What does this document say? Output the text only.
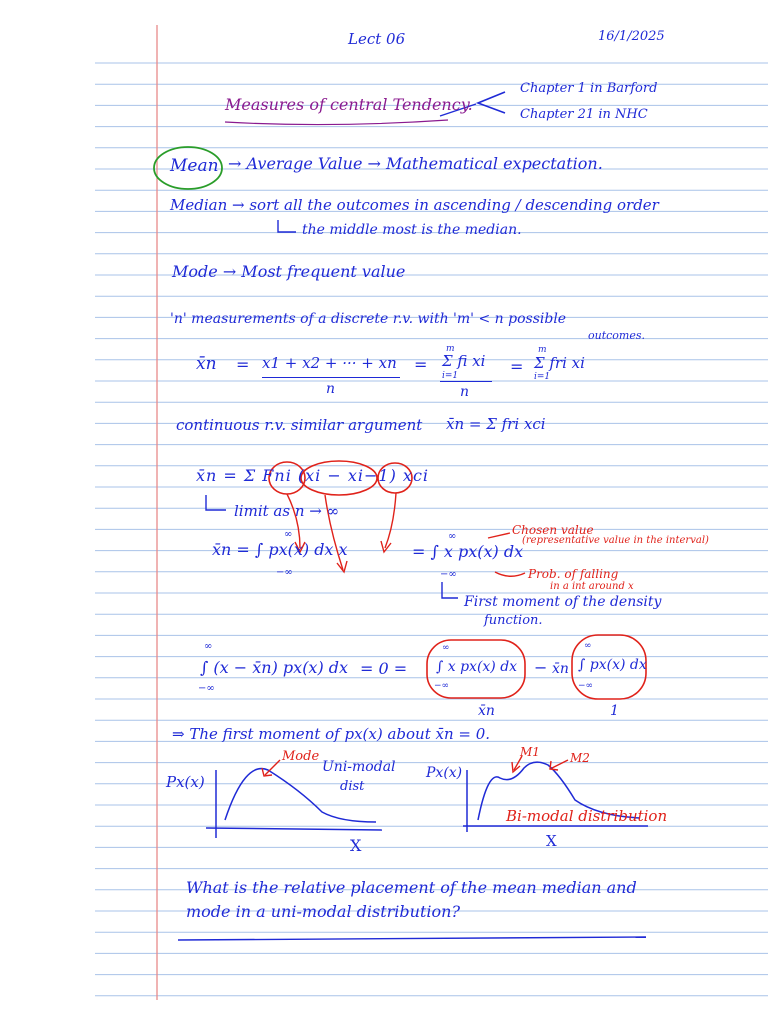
Lect 06	16/1/2025
Measures of central Tendency.
Chapter 1 in Barford
Chapter 21 in NHC
Mean → Average Value → Mathematical expectation.
Median → sort all the outcomes in ascending / descending order
the middle most is the median.
Mode → Most frequent value
'n' measurements of a discrete r.v. with 'm' < n possible
outcomes.
x̄n = x1 + x2 + ··· + xn
n
=
m
Σ fi xi
i=1
n
=
m
Σ fri xi
i=1
continuous r.v. similar argument x̄n = Σ fri xci
x̄n = Σ Fni (xi − xi−1) xci
limit as n → ∞
x̄n = ∫ px(x) dx x
−∞
∞
= ∫ x px(x) dx
−∞
∞	Chosen value
(representative value in the interval)
Prob. of falling
in a int around x
First moment of the density
function.
∫ (x − x̄n) px(x) dx
−∞
∞
= 0 = ∫ x px(x) dx
−∞
∞
− x̄n ∫ px(x) dx
−∞
∞
x̄n	1
⇒ The first moment of px(x) about x̄n = 0.
Px(x)
Mode
Uni-modal
dist
X
Px(x)
M1	M2
Bi-modal distribution
X
What is the relative placement of the mean median and
mode in a uni-modal distribution?
